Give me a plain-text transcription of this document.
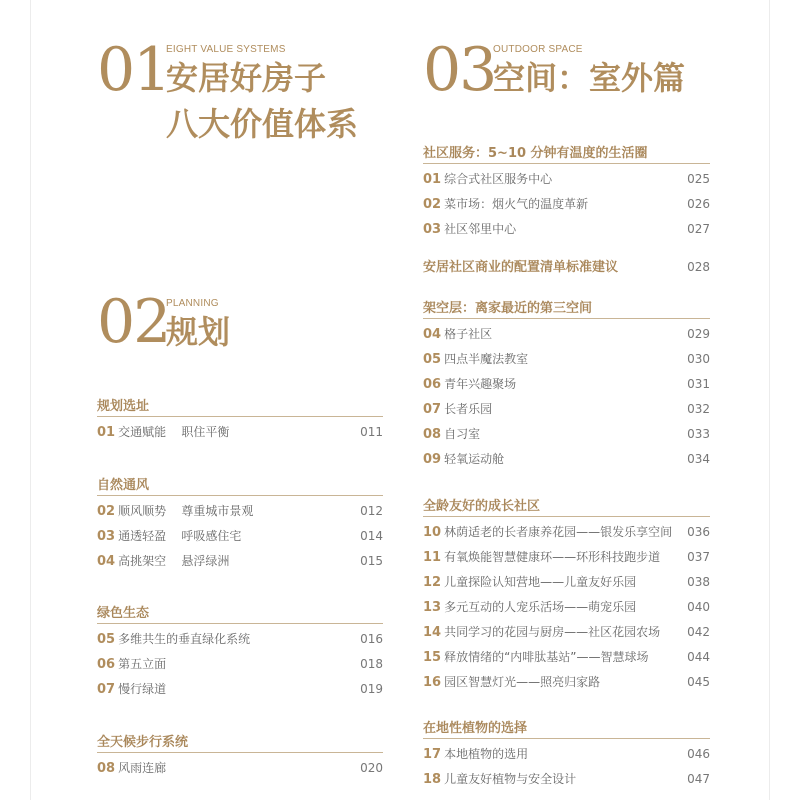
01
EIGHT VALUE SYSTEMS
安居好房子
八大价值体系
02
PLANNING
规划
规划选址
01 交通赋能    职住平衡	011
自然通风
02 顺风顺势    尊重城市景观	012
03 通透轻盈    呼吸感住宅	014
04 高挑架空    悬浮绿洲	015
绿色生态
05 多维共生的垂直绿化系统	016
06 第五立面	018
07 慢行绿道	019
全天候步行系统
08 风雨连廊	020
03
OUTDOOR SPACE
空间：室外篇
社区服务：5~10 分钟有温度的生活圈
01 综合式社区服务中心	025
02 菜市场：烟火气的温度革新	026
03 社区邻里中心	027
安居社区商业的配置清单标准建议	028
架空层：离家最近的第三空间
04 格子社区	029
05 四点半魔法教室	030
06 青年兴趣聚场	031
07 长者乐园	032
08 自习室	033
09 轻氧运动舱	034
全龄友好的成长社区
10 林荫适老的长者康养花园——银发乐享空间 036
11 有氧焕能智慧健康环——环形科技跑步道 037
12 儿童探险认知营地——儿童友好乐园	038
13 多元互动的人宠乐活场——萌宠乐园	040
14 共同学习的花园与厨房——社区花园农场 042
15 释放情绪的“内啡肽基站”——智慧球场	044
16 园区智慧灯光——照亮归家路	045
在地性植物的选择
17 本地植物的选用	046
18 儿童友好植物与安全设计	047
